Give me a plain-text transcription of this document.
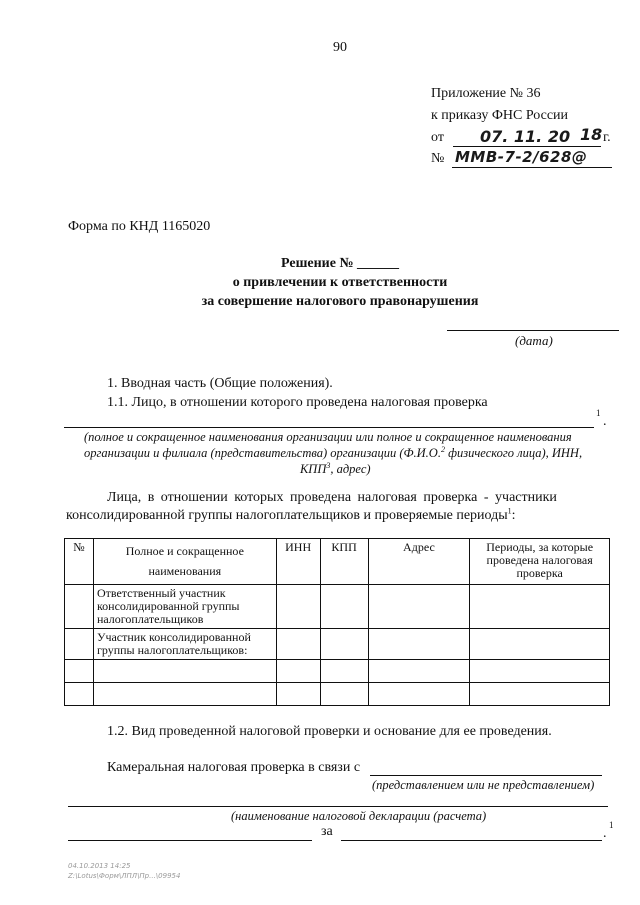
90
Приложение № 36
к приказу ФНС России
от 07. 11. 20 18 г.
№ ММВ-7-2/628@
Форма по КНД 1165020
Решение № ______
о привлечении к ответственности
за совершение налогового правонарушения
(дата)
1. Вводная часть (Общие положения).
1.1. Лицо, в отношении которого проведена налоговая проверка
1
.
(полное и сокращенное наименования организации или полное и сокращенное наименования
организации и филиала (представительства) организации (Ф.И.О.$^2$ физического лица), ИНН,
КПП$^3$, адрес)
Лица, в отношении которых проведена налоговая проверка - участники
консолидированной группы налогоплательщиков и проверяемые периоды$^1$:
№	Полное и сокращенное наименования	ИНН	КПП	Адрес	Периоды, за которые проведена налоговая проверка
	Ответственный участник консолидированной группы налогоплательщиков				
	Участник консолидированной группы налогоплательщиков:				

1.2. Вид проведенной налоговой проверки и основание для ее проведения.
Камеральная налоговая проверка в связи с
(представлением или не представлением)
(наименование налоговой декларации (расчета)
за	.
1
04.10.2013 14:25
Z:\Lotus\Форм\ЛПЛ\Пр...\09954
